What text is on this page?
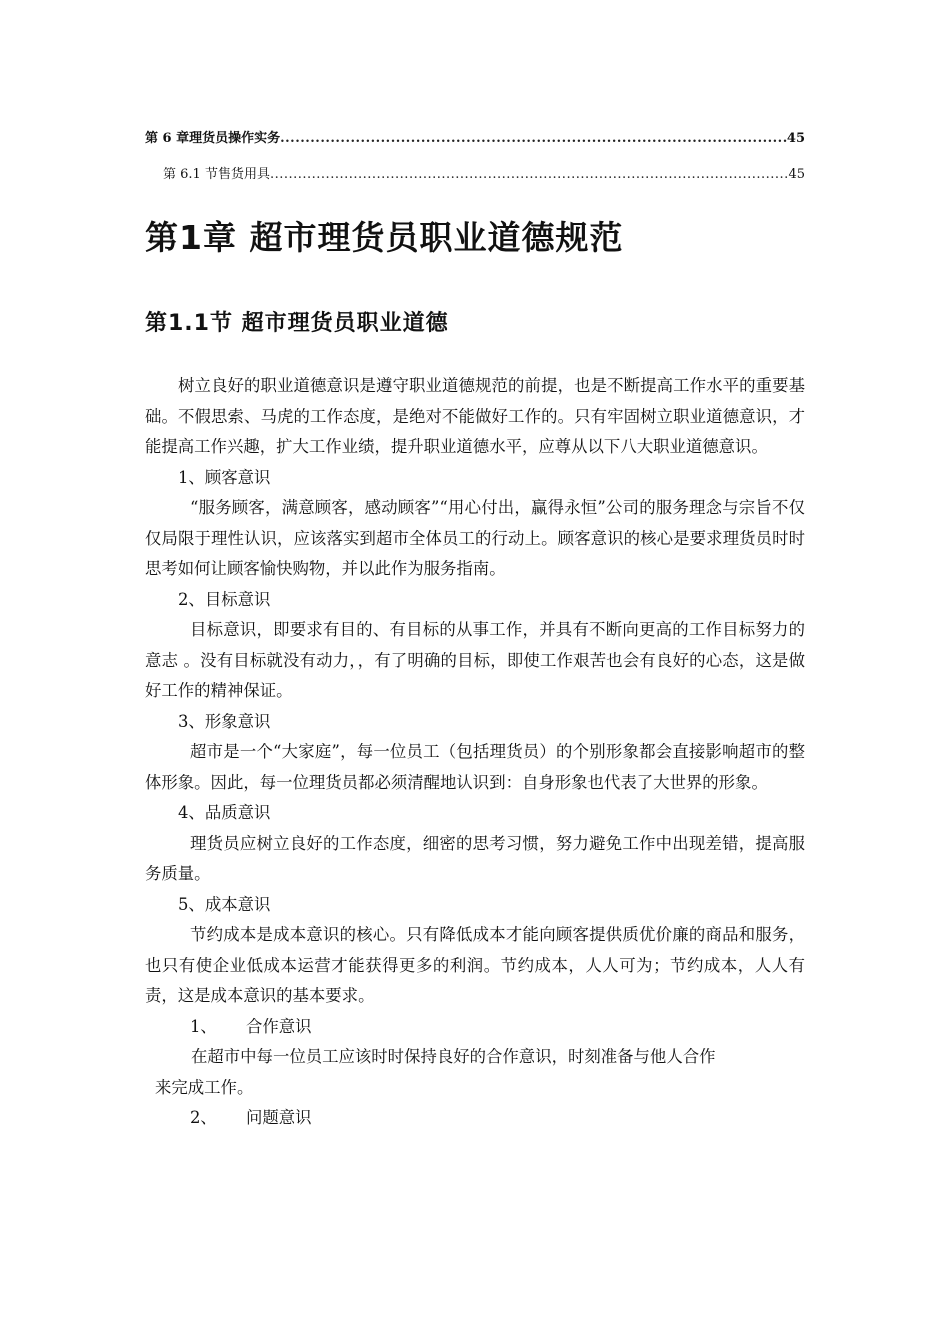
第 6 章 理货员操作实务 .....	45
第 6.1 节 售货用具 .....	45
第1章 超市理货员职业道德规范
第1.1节 超市理货员职业道德

树立良好的职业道德意识是遵守职业道德规范的前提，也是不断提高工作水平的重要基础。不假思索、马虎的工作态度，是绝对不能做好工作的。只有牢固树立职业道德意识，才能提高工作兴趣，扩大工作业绩，提升职业道德水平，应尊从以下八大职业道德意识。

1、顾客意识

“服务顾客，满意顾客，感动顾客”“用心付出，赢得永恒”公司的服务理念与宗旨不仅仅局限于理性认识，应该落实到超市全体员工的行动上。顾客意识的核心是要求理货员时时思考如何让顾客愉快购物，并以此作为服务指南。

2、目标意识

目标意识，即要求有目的、有目标的从事工作，并具有不断向更高的工作目标努力的意志 。没有目标就没有动力，，有了明确的目标，即使工作艰苦也会有良好的心态，这是做好工作的精神保证。

3、形象意识

超市是一个“大家庭”，每一位员工（包括理货员）的个别形象都会直接影响超市的整体形象。因此，每一位理货员都必须清醒地认识到：自身形象也代表了大世界的形象。

4、品质意识

理货员应树立良好的工作态度，细密的思考习惯，努力避免工作中出现差错，提高服务质量。

5、成本意识

节约成本是成本意识的核心。只有降低成本才能向顾客提供质优价廉的商品和服务，也只有使企业低成本运营才能获得更多的利润。节约成本，人人可为；节约成本，人人有责，这是成本意识的基本要求。

1、 合作意识

在超市中每一位员工应该时时保持良好的合作意识，时刻准备与他人合作

来完成工作。

2、 问题意识
